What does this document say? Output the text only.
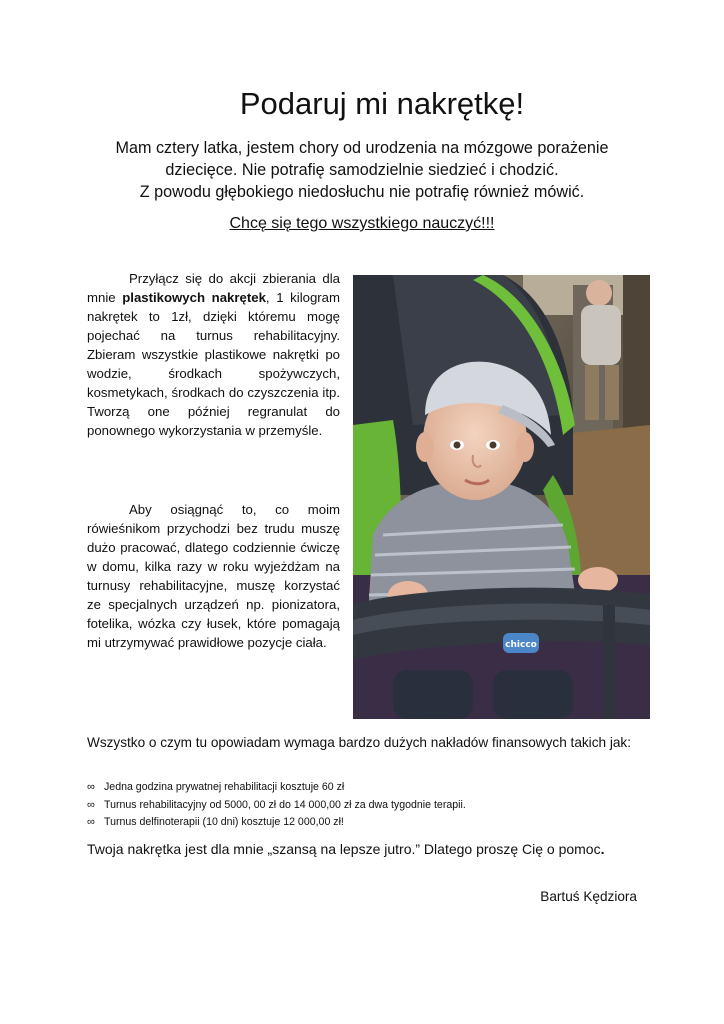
Podaruj mi nakrętkę!
Mam cztery latka, jestem chory od urodzenia na mózgowe porażenie
dziecięce. Nie potrafię samodzielnie siedzieć i chodzić.
Z powodu głębokiego niedosłuchu nie potrafię również mówić.
Chcę się tego wszystkiego nauczyć!!!

Przyłącz się do akcji zbierania dla mnie plastikowych nakrętek, 1 kilogram nakrętek to 1zł, dzięki któremu mogę pojechać na turnus rehabilitacyjny. Zbieram wszystkie plastikowe nakrętki po wodzie, środkach spożywczych, kosmetykach, środkach do czyszczenia itp. Tworzą one później regranulat do ponownego wykorzystania w przemyśle.

Aby osiągnąć to, co moim rówieśnikom przychodzi bez trudu muszę dużo pracować, dlatego codziennie ćwiczę w domu, kilka razy w roku wyjeżdżam na turnusy rehabilitacyjne, muszę korzystać ze specjalnych urządzeń np. pionizatora, fotelika, wózka czy łusek, które pomagają mi utrzymywać prawidłowe pozycje ciała.	chicco
Wszystko o czym tu opowiadam wymaga bardzo dużych nakładów finansowych takich jak:
∞ Jedna godzina prywatnej rehabilitacji kosztuje 60 zł
∞ Turnus rehabilitacyjny od 5000, 00 zł do 14 000,00 zł za dwa tygodnie terapii.
∞ Turnus delfinoterapii (10 dni) kosztuje 12 000,00 zł!
Twoja nakrętka jest dla mnie „szansą na lepsze jutro.” Dlatego proszę Cię o pomoc.
Bartuś Kędziora
